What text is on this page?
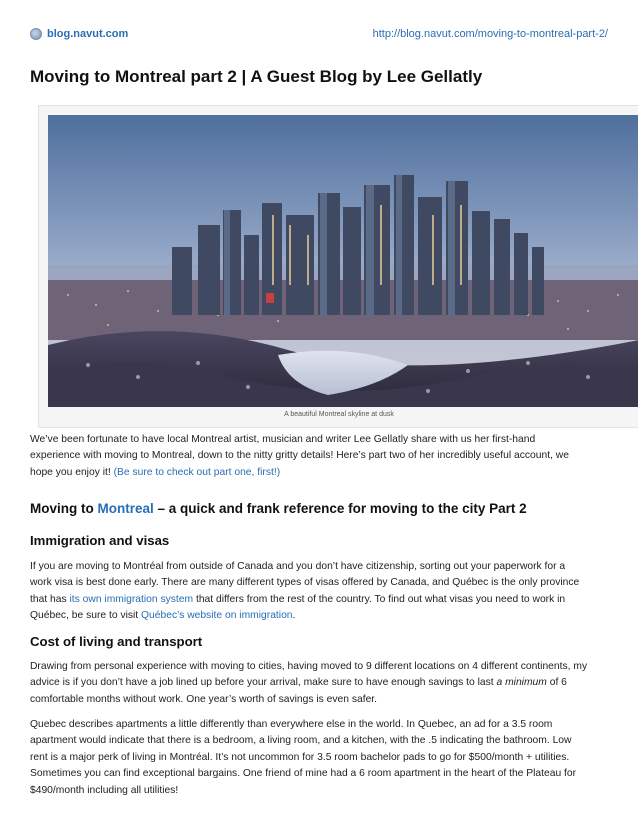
blog.navut.com	http://blog.navut.com/moving-to-montreal-part-2/
Moving to Montreal part 2 | A Guest Blog by Lee Gellatly
A beautiful Montreal skyline at dusk

We’ve been fortunate to have local Montreal artist, musician and writer Lee Gellatly share with us her first-hand

experience with moving to Montreal, down to the nitty gritty details! Here’s part two of her incredibly useful account, we

hope you enjoy it! (Be sure to check out part one, first!)

Moving to Montreal – a quick and frank reference for moving to the city Part 2
Immigration and visas

If you are moving to Montréal from outside of Canada and you don’t have citizenship, sorting out your paperwork for a

work visa is best done early. There are many different types of visas offered by Canada, and Québec is the only province

that has its own immigration system that differs from the rest of the country. To find out what visas you need to work in

Québec, be sure to visit Québec’s website on immigration.

Cost of living and transport

Drawing from personal experience with moving to cities, having moved to 9 different locations on 4 different continents, my

advice is if you don’t have a job lined up before your arrival, make sure to have enough savings to last a minimum of 6

comfortable months without work. One year’s worth of savings is even safer.

Quebec describes apartments a little differently than everywhere else in the world. In Quebec, an ad for a 3.5 room

apartment would indicate that there is a bedroom, a living room, and a kitchen, with the .5 indicating the bathroom. Low

rent is a major perk of living in Montréal. It’s not uncommon for 3.5 room bachelor pads to go for $500/month + utilities.

Sometimes you can find exceptional bargains. One friend of mine had a 6 room apartment in the heart of the Plateau for

$490/month including all utilities!
